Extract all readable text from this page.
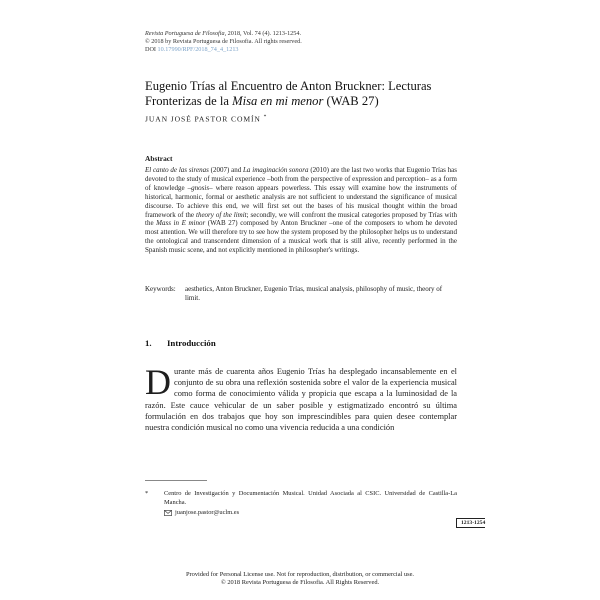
Revista Portuguesa de Filosofia, 2018, Vol. 74 (4). 1213-1254.
© 2018 by Revista Portuguesa de Filosofia. All rights reserved.
DOI 10.17990/RPF/2018_74_4_1213
Eugenio Trías al Encuentro de Anton Bruckner: Lecturas Fronterizas de la Misa en mi menor (WAB 27)
JUAN JOSÉ PASTOR COMÍN *
Abstract
El canto de las sirenas (2007) and La imaginación sonora (2010) are the last two works that Eugenio Trías has devoted to the study of musical experience –both from the perspective of expression and perception– as a form of knowledge –gnosis– where reason appears powerless. This essay will examine how the instruments of historical, harmonic, formal or aesthetic analysis are not sufficient to understand the significance of musical discourse. To achieve this end, we will first set out the bases of his musical thought within the broad framework of the theory of the limit; secondly, we will confront the musical categories proposed by Trías with the Mass in E minor (WAB 27) composed by Anton Bruckner –one of the composers to whom he devoted most attention. We will therefore try to see how the system proposed by the philosopher helps us to understand the ontological and transcendent dimension of a musical work that is still alive, recently performed in the Spanish music scene, and not explicitly mentioned in philosopher's writings.
Keywords:	aesthetics, Anton Bruckner, Eugenio Trías, musical analysis, philosophy of music, theory of limit.
1. Introducción
Durante más de cuarenta años Eugenio Trías ha desplegado incansablemente en el conjunto de su obra una reflexión sostenida sobre el valor de la experiencia musical como forma de conocimiento válida y propicia que escapa a la luminosidad de la razón. Este cauce vehicular de un saber posible y estigmatizado encontró su última formulación en dos trabajos que hoy son imprescindibles para quien desee contemplar nuestra condición musical no como una vivencia reducida a una condición
*	Centro de Investigación y Documentación Musical. Unidad Asociada al CSIC. Universidad de Castilla-La Mancha.
juanjose.pastor@uclm.es
1213-1254
Provided for Personal License use. Not for reproduction, distribution, or commercial use.
© 2018 Revista Portuguesa de Filosofia. All Rights Reserved.
